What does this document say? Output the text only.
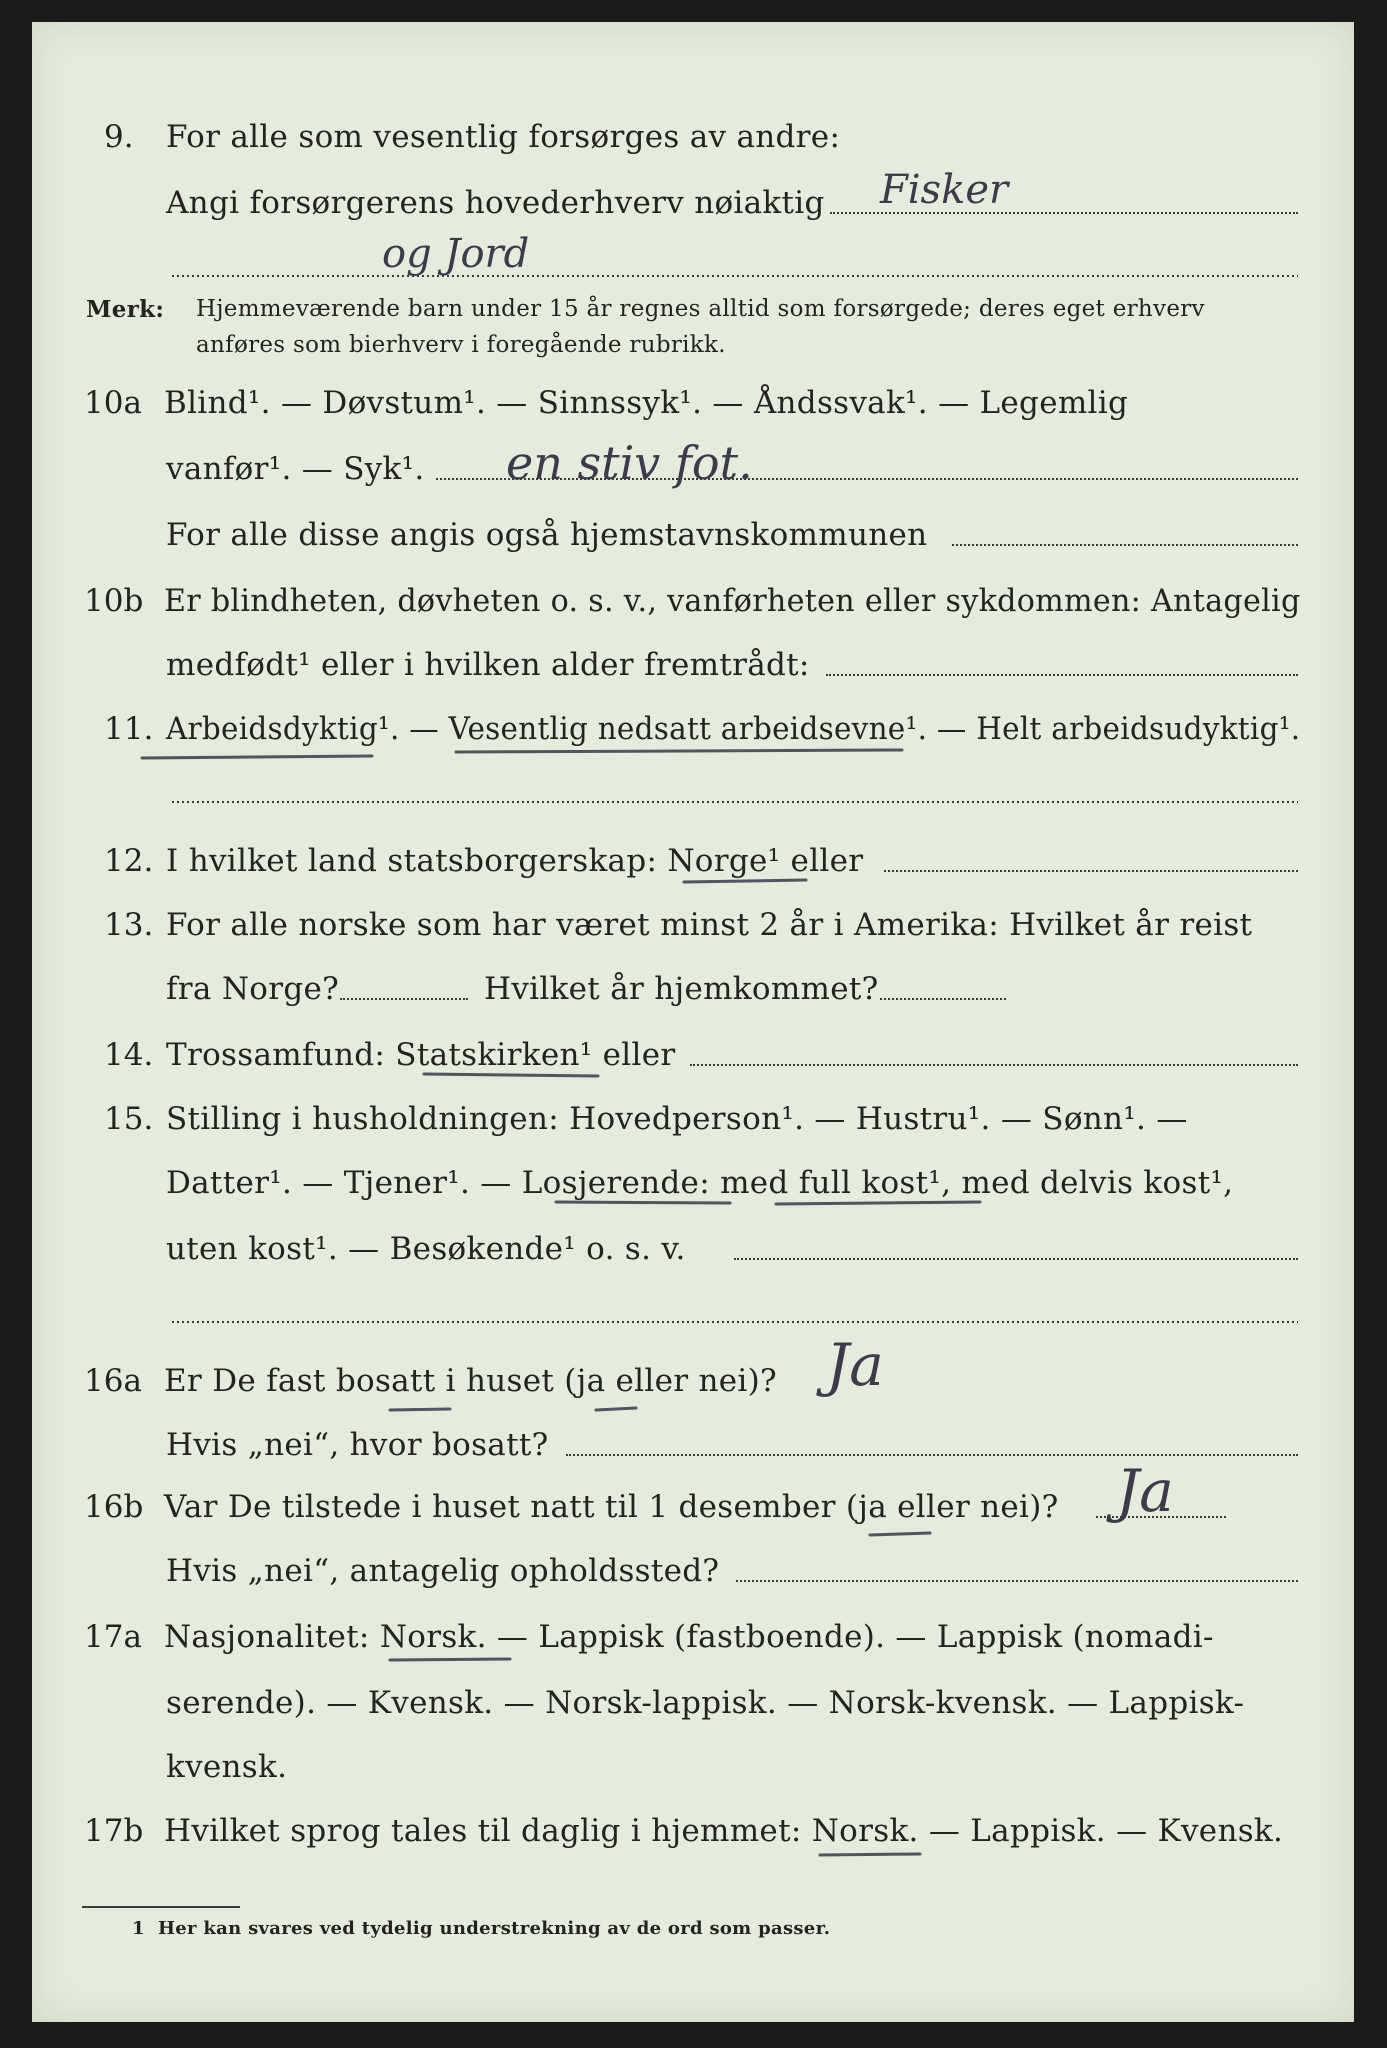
9. For alle som vesentlig forsørges av andre:
Angi forsørgerens hovederhverv nøiaktig Fisker
og Jord
Merk: Hjemmeværende barn under 15 år regnes alltid som forsørgede; deres eget erhverv
anføres som bierhverv i foregående rubrikk.
10a Blind¹. — Døvstum¹. — Sinnssyk¹. — Åndssvak¹. — Legemlig
vanfør¹. — Syk¹. en stiv fot.
For alle disse angis også hjemstavnskommunen
10b Er blindheten, døvheten o. s. v., vanførheten eller sykdommen: Antagelig
medfødt¹ eller i hvilken alder fremtrådt:
11. Arbeidsdyktig¹. — Vesentlig nedsatt arbeidsevne¹. — Helt arbeidsudyktig¹.
12. I hvilket land statsborgerskap: Norge¹ eller
13. For alle norske som har været minst 2 år i Amerika: Hvilket år reist
fra Norge?	Hvilket år hjemkommet?
14. Trossamfund: Statskirken¹ eller
15. Stilling i husholdningen: Hovedperson¹. — Hustru¹. — Sønn¹. —
Datter¹. — Tjener¹. — Losjerende: med full kost¹, med delvis kost¹,
uten kost¹. — Besøkende¹ o. s. v.
16a Er De fast bosatt i huset (ja eller nei)? Ja
Hvis „nei“, hvor bosatt?
16b Var De tilstede i huset natt til 1 desember (ja eller nei)? Ja
Hvis „nei“, antagelig opholdssted?
17a Nasjonalitet: Norsk. — Lappisk (fastboende). — Lappisk (nomadi-
serende). — Kvensk. — Norsk-lappisk. — Norsk-kvensk. — Lappisk-
kvensk.
17b Hvilket sprog tales til daglig i hjemmet: Norsk. — Lappisk. — Kvensk.
1 Her kan svares ved tydelig understrekning av de ord som passer.
